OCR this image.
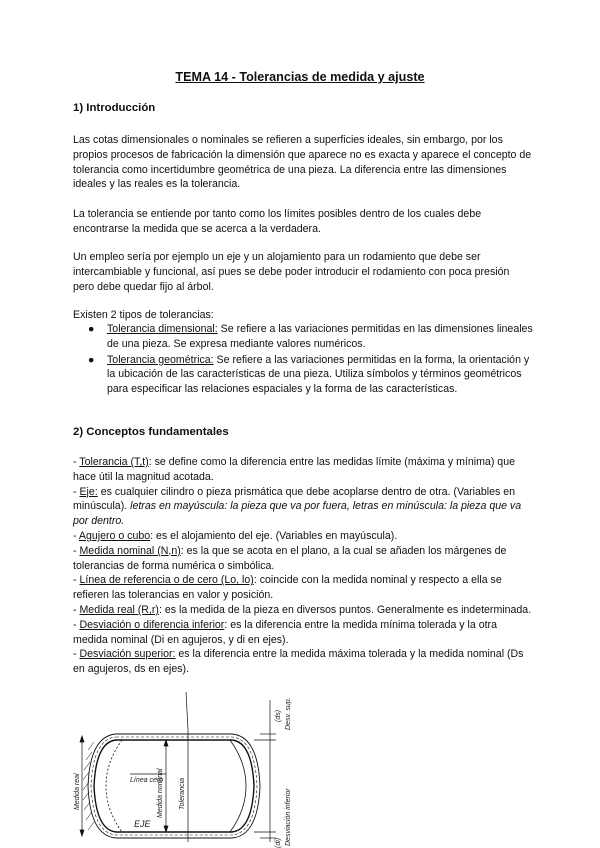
TEMA 14 - Tolerancias de medida y ajuste
1) Introducción
Las cotas dimensionales o nominales se refieren a superficies ideales, sin embargo, por los propios procesos de fabricación la dimensión que aparece no es exacta y aparece el concepto de tolerancia como incertidumbre geométrica de una pieza. La diferencia entre las dimensiones ideales y las reales es la tolerancia.
La tolerancia se entiende por tanto como los límites posibles dentro de los cuales debe encontrarse la medida que se acerca a la verdadera.
Un empleo sería por ejemplo un eje y un alojamiento para un rodamiento que debe ser intercambiable y funcional, así pues se debe poder introducir el rodamiento con poca presión pero debe quedar fijo al árbol.
Existen 2 tipos de tolerancias:
● Tolerancia dimensional: Se refiere a las variaciones permitidas en las dimensiones lineales de una pieza. Se expresa mediante valores numéricos.
● Tolerancia geométrica: Se refiere a las variaciones permitidas en la forma, la orientación y la ubicación de las características de una pieza. Utiliza símbolos y términos geométricos para especificar las relaciones espaciales y la forma de las características.
2) Conceptos fundamentales
- Tolerancia (T,t): se define como la diferencia entre las medidas límite (máxima y mínima) que hace útil la magnitud acotada.
- Eje: es cualquier cilindro o pieza prismática que debe acoplarse dentro de otra. (Variables en minúscula). letras en mayúscula: la pieza que va por fuera, letras en minúscula: la pieza que va por dentro.
- Agujero o cubo: es el alojamiento del eje. (Variables en mayúscula).
- Medida nominal (N,n): es la que se acota en el plano, a la cual se añaden los márgenes de tolerancias de forma numérica o simbólica.
- Línea de referencia o de cero (Lo, lo): coincide con la medida nominal y respecto a ella se refieren las tolerancias en valor y posición.
- Medida real (R,r): es la medida de la pieza en diversos puntos. Generalmente es indeterminada.
- Desviación o diferencia inferior: es la diferencia entre la medida mínima tolerada y la otra medida nominal (Di en agujeros, y di en ejes).
- Desviación superior: es la diferencia entre la medida máxima tolerada y la medida nominal (Ds en agujeros, ds en ejes).
Medida real	Medida nominal Tolerancia
Línea cero
EJE
(ds) Desv. sup.
(di) Desviación inferior
